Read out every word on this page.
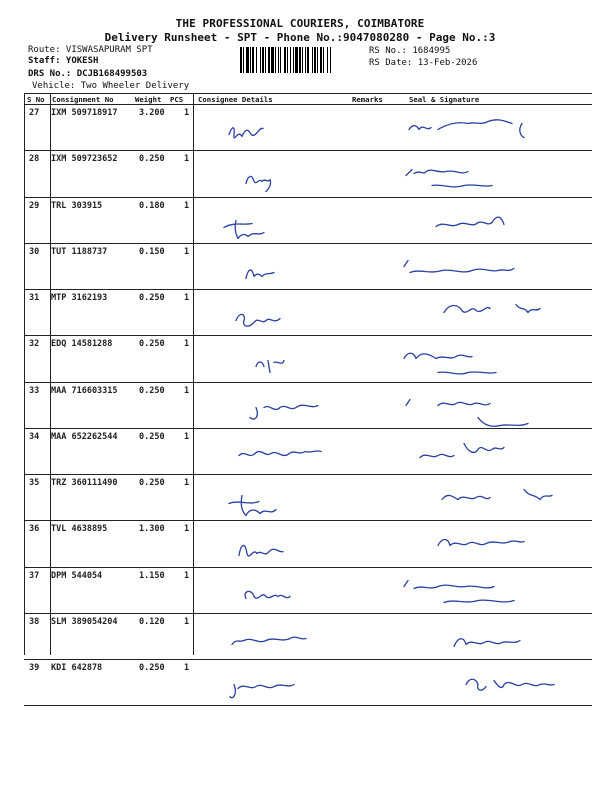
THE PROFESSIONAL COURIERS, COIMBATORE
Delivery Runsheet - SPT - Phone No.:9047080280 - Page No.:3
Route: VISWASAPURAM SPT
Staff: YOKESH
DRS No.: DCJB168499503
Vehicle: Two Wheeler Delivery
RS No.: 1684995
RS Date: 13-Feb-2026
S No Consignment No	Weight PCS Consignee Details	Remarks	Seal & Signature
27 IXM 509718917	3.200 1
28 IXM 509723652	0.250 1
29 TRL 303915	0.180 1
30 TUT 1188737	0.150 1
31 MTP 3162193	0.250 1
32 EDQ 14581288	0.250 1
33 MAA 716603315	0.250 1
34 MAA 652262544	0.250 1
35 TRZ 360111490	0.250 1
36 TVL 4638895	1.300 1
37 DPM 544054	1.150 1
38 SLM 389054204	0.120 1
39 KDI 642878	0.250 1
